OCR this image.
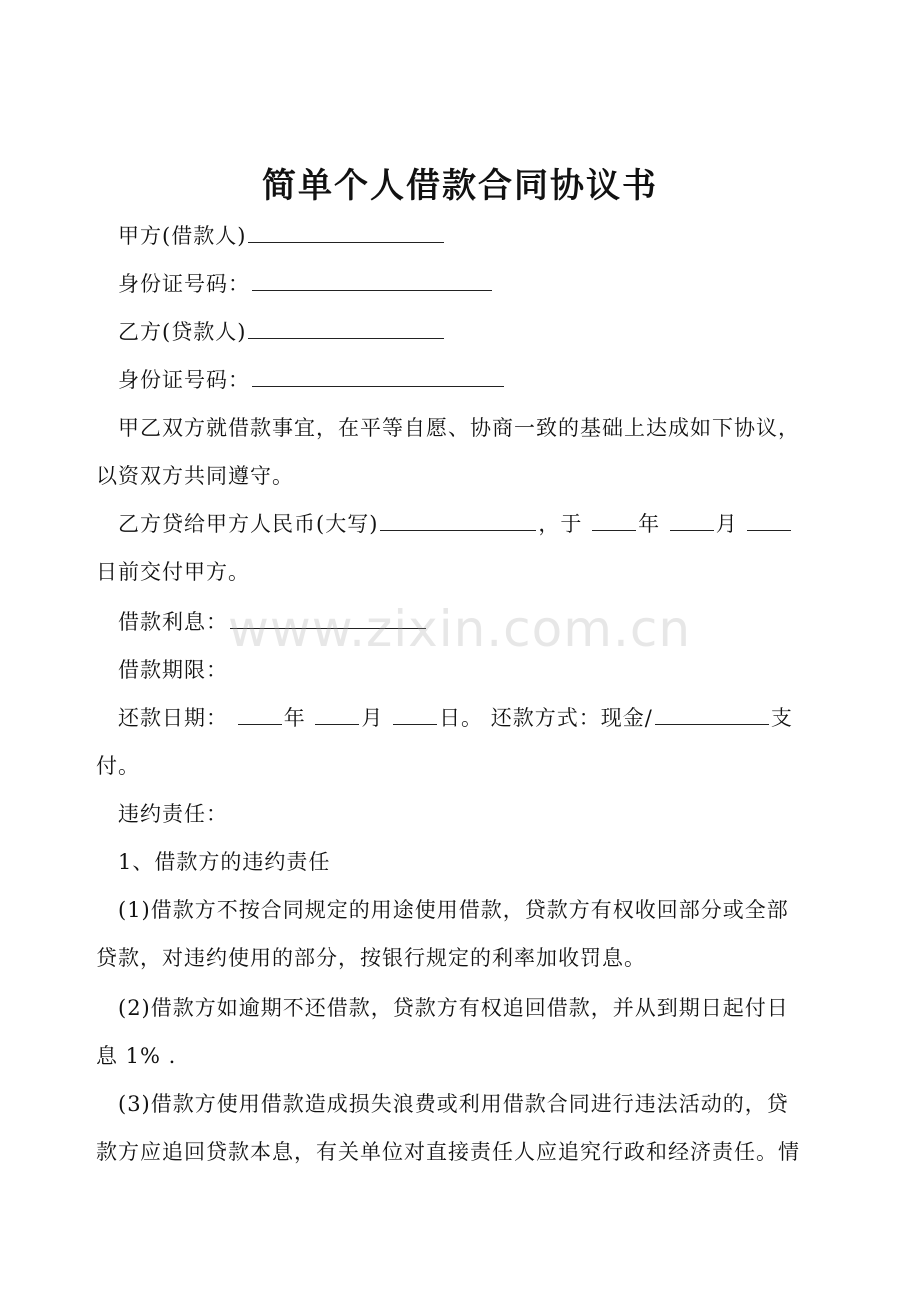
简单个人借款合同协议书
甲方(借款人)
身份证号码：
乙方(贷款人)
身份证号码：
甲乙双方就借款事宜，在平等自愿、协商一致的基础上达成如下协议，
以资双方共同遵守。
乙方贷给甲方人民币(大写)	，于	年	月
日前交付甲方。
借款利息：
借款期限：
还款日期：	年	月	日。 还款方式：现金/	支
付。
违约责任：
1、借款方的违约责任
(1)借款方不按合同规定的用途使用借款，贷款方有权收回部分或全部
贷款，对违约使用的部分，按银行规定的利率加收罚息。
(2)借款方如逾期不还借款，贷款方有权追回借款，并从到期日起付日
息 1% .
(3)借款方使用借款造成损失浪费或利用借款合同进行违法活动的，贷
款方应追回贷款本息，有关单位对直接责任人应追究行政和经济责任。情
www.zixin.com.cn
